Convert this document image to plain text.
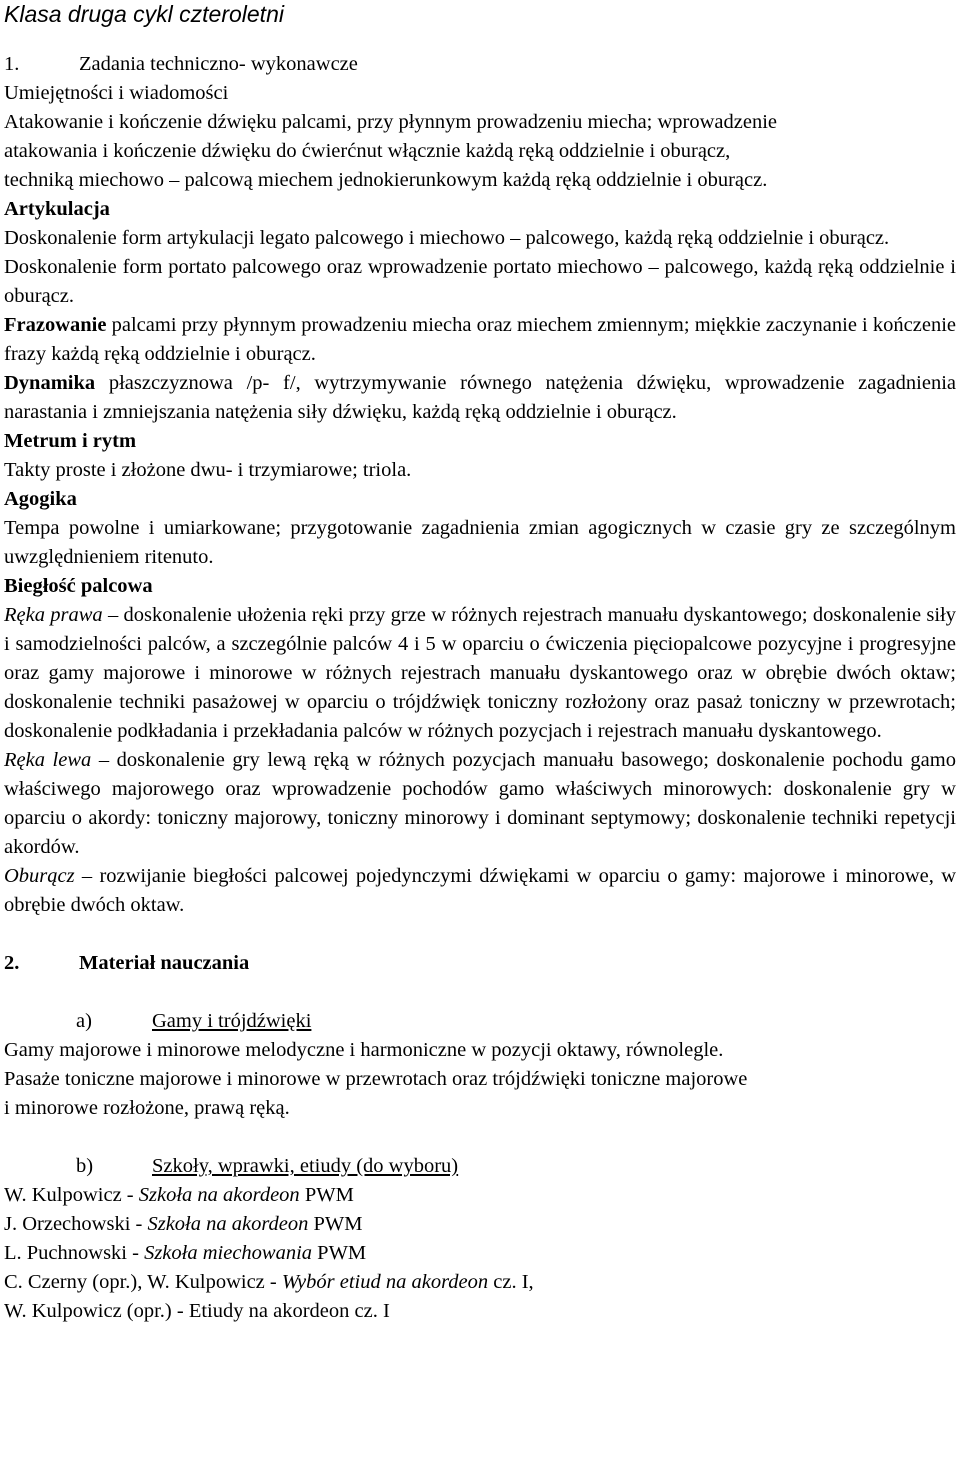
Klasa druga cykl czteroletni

1.	Zadania techniczno- wykonawcze

Umiejętności i wiadomości

Atakowanie i kończenie dźwięku palcami, przy płynnym prowadzeniu miecha; wprowadzenie

atakowania i kończenie dźwięku do ćwierćnut włącznie każdą ręką oddzielnie i oburącz,

techniką miechowo – palcową miechem jednokierunkowym każdą ręką oddzielnie i oburącz.

Artykulacja

Doskonalenie form artykulacji legato palcowego i miechowo – palcowego, każdą ręką oddzielnie i oburącz.

Doskonalenie form portato palcowego oraz wprowadzenie portato miechowo – palcowego, każdą ręką oddzielnie i oburącz.

Frazowanie palcami przy płynnym prowadzeniu miecha oraz miechem zmiennym; miękkie zaczynanie i kończenie frazy każdą ręką oddzielnie i oburącz.

Dynamika płaszczyznowa /p- f/, wytrzymywanie równego natężenia dźwięku, wprowadzenie zagadnienia narastania i zmniejszania natężenia siły dźwięku, każdą ręką oddzielnie i oburącz.

Metrum i rytm

Takty proste i złożone dwu- i trzymiarowe; triola.

Agogika

Tempa powolne i umiarkowane; przygotowanie zagadnienia zmian agogicznych w czasie gry ze szczególnym uwzględnieniem ritenuto.

Biegłość palcowa

Ręka prawa – doskonalenie ułożenia ręki przy grze w różnych rejestrach manuału dyskantowego; doskonalenie siły i samodzielności palców, a szczególnie palców 4 i 5 w oparciu o ćwiczenia pięciopalcowe pozycyjne i progresyjne oraz gamy majorowe i minorowe w różnych rejestrach manuału dyskantowego oraz w obrębie dwóch oktaw; doskonalenie techniki pasażowej w oparciu o trójdźwięk toniczny rozłożony oraz pasaż toniczny w przewrotach; doskonalenie podkładania i przekładania palców w różnych pozycjach i rejestrach manuału dyskantowego.

Ręka lewa – doskonalenie gry lewą ręką w różnych pozycjach manuału basowego; doskonalenie pochodu gamo właściwego majorowego oraz wprowadzenie pochodów gamo właściwych minorowych: doskonalenie gry w oparciu o akordy: toniczny majorowy, toniczny minorowy i dominant septymowy; doskonalenie techniki repetycji akordów.

Oburącz – rozwijanie biegłości palcowej pojedynczymi dźwiękami w oparciu o gamy: majorowe i minorowe, w obrębie dwóch oktaw.

2.	Materiał nauczania

a)	Gamy i trójdźwięki

Gamy majorowe i minorowe melodyczne i harmoniczne w pozycji oktawy, równolegle.

Pasaże toniczne majorowe i minorowe w przewrotach oraz trójdźwięki toniczne majorowe

i minorowe rozłożone, prawą ręką.

b)	Szkoły, wprawki, etiudy (do wyboru)

W. Kulpowicz - Szkoła na akordeon PWM

J. Orzechowski - Szkoła na akordeon PWM

L. Puchnowski - Szkoła miechowania PWM

C. Czerny (opr.), W. Kulpowicz - Wybór etiud na akordeon cz. I,

W. Kulpowicz (opr.) - Etiudy na akordeon cz. I
